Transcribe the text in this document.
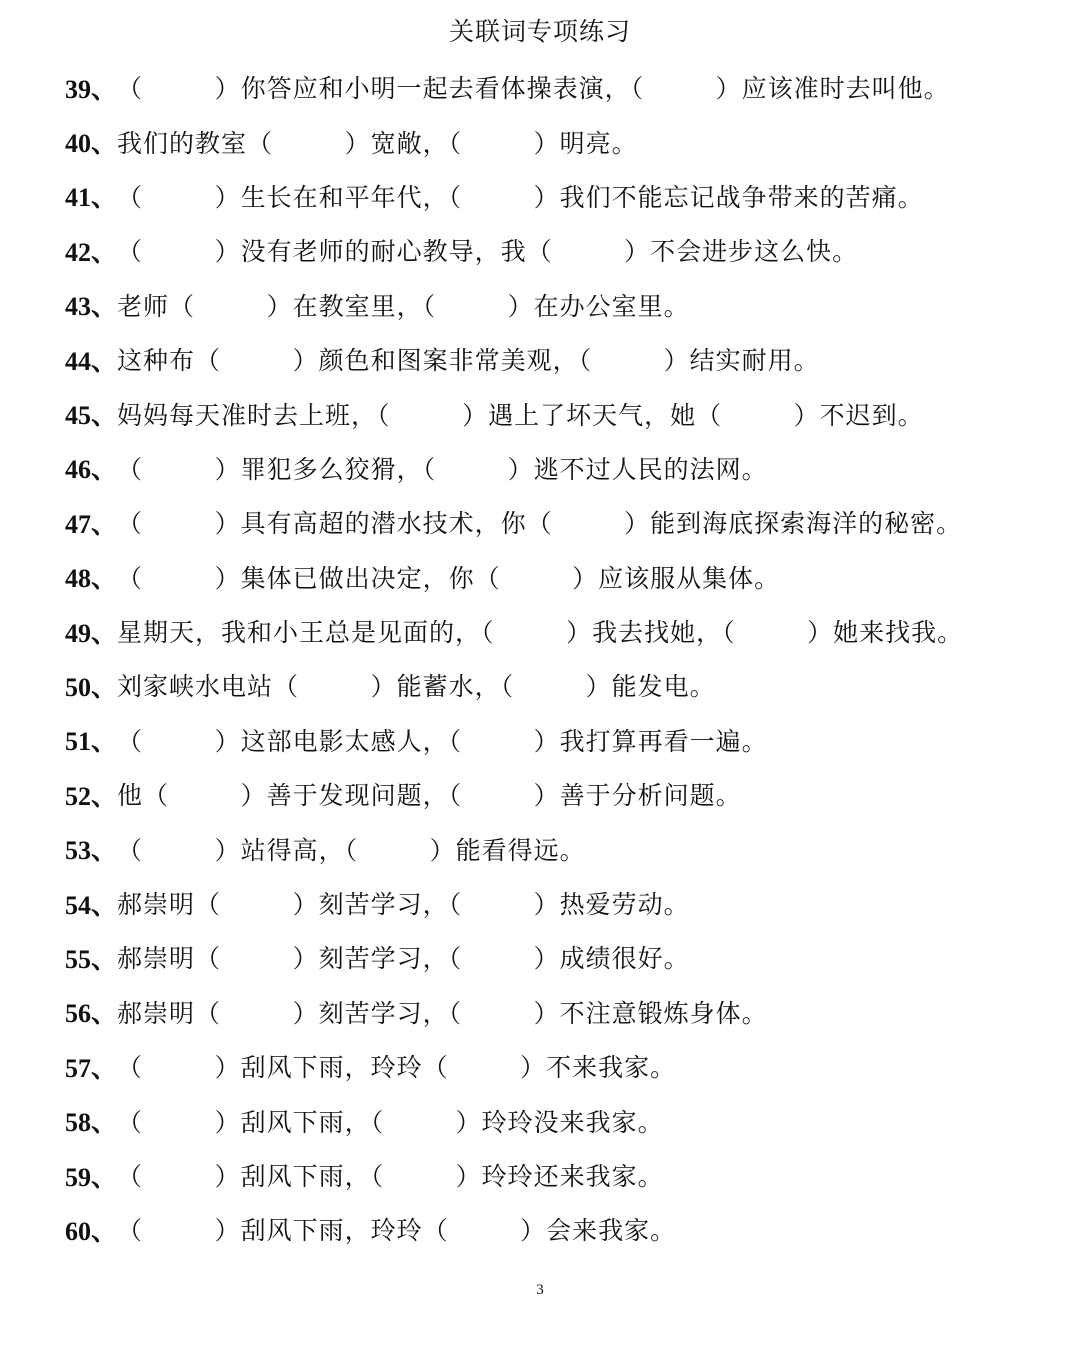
关联词专项练习
39、 （        ）你答应和小明一起去看体操表演，（        ）应该准时去叫他。
40、 我们的教室（        ）宽敞，（        ）明亮。
41、 （        ）生长在和平年代，（        ）我们不能忘记战争带来的苦痛。
42、 （        ）没有老师的耐心教导，我（        ）不会进步这么快。
43、 老师（        ）在教室里，（        ）在办公室里。
44、 这种布（        ）颜色和图案非常美观，（        ）结实耐用。
45、 妈妈每天准时去上班，（        ）遇上了坏天气，她（        ）不迟到。
46、 （        ）罪犯多么狡猾，（        ）逃不过人民的法网。
47、 （        ）具有高超的潜水技术，你（        ）能到海底探索海洋的秘密。
48、 （        ）集体已做出决定，你（        ）应该服从集体。
49、 星期天，我和小王总是见面的，（        ）我去找她，（        ）她来找我。
50、 刘家峡水电站（        ）能蓄水，（        ）能发电。
51、 （        ）这部电影太感人，（        ）我打算再看一遍。
52、 他（        ）善于发现问题，（        ）善于分析问题。
53、 （        ）站得高，（        ）能看得远。
54、 郝崇明（        ）刻苦学习，（        ）热爱劳动。
55、 郝崇明（        ）刻苦学习，（        ）成绩很好。
56、 郝崇明（        ）刻苦学习，（        ）不注意锻炼身体。
57、 （        ）刮风下雨，玲玲（        ）不来我家。
58、 （        ）刮风下雨，（        ）玲玲没来我家。
59、 （        ）刮风下雨，（        ）玲玲还来我家。
60、 （        ）刮风下雨，玲玲（        ）会来我家。
3
